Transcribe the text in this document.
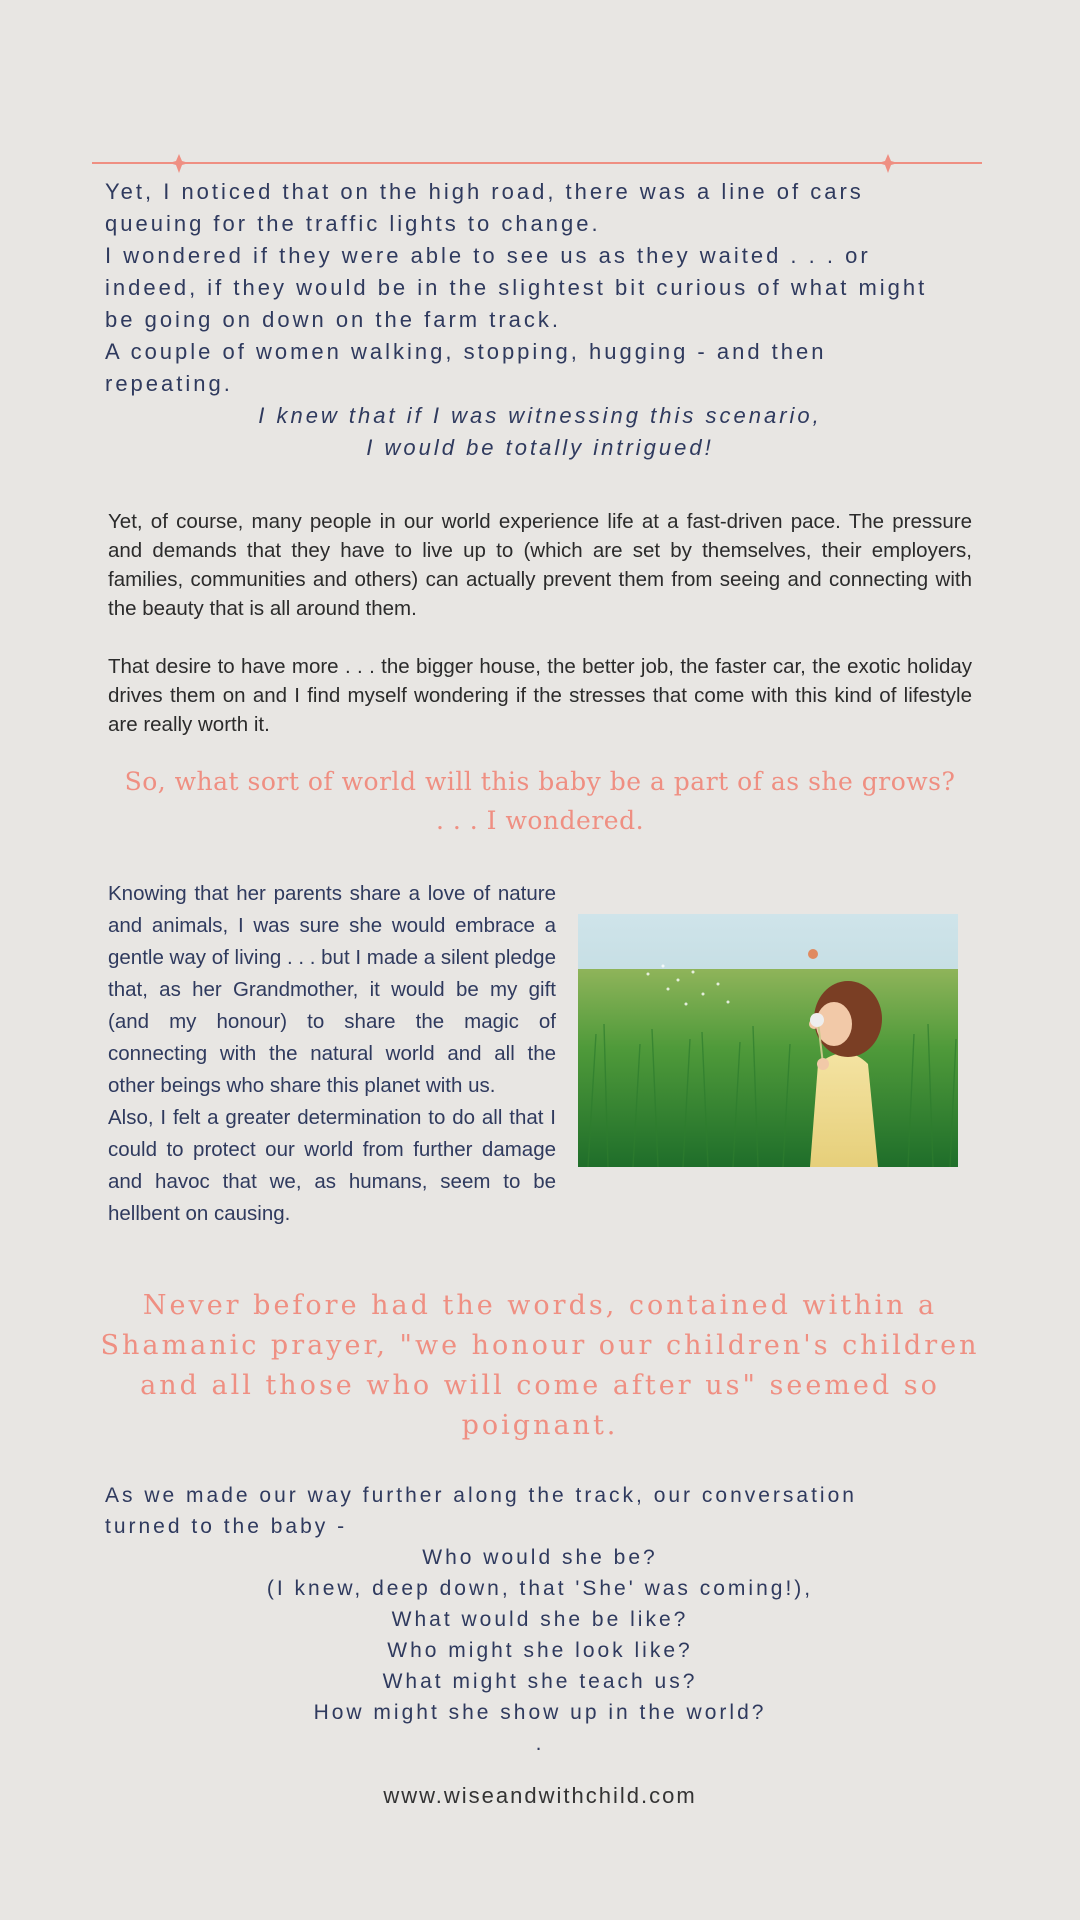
Yet, I noticed that on the high road, there was a line of cars
queuing for the traffic lights to change.
I wondered if they were able to see us as they waited . . . or
indeed, if they would be in the slightest bit curious of what might
be going on down on the farm track.
A couple of women walking, stopping, hugging - and then
repeating.
I knew that if I was witnessing this scenario,
I would be totally intrigued!

Yet, of course, many people in our world experience life at a fast-driven pace. The pressure and demands that they have to live up to (which are set by themselves, their employers, families, communities and others) can actually prevent them from seeing and connecting with the beauty that is all around them.

That desire to have more . . . the bigger house, the better job, the faster car, the exotic holiday drives them on and I find myself wondering if the stresses that come with this kind of lifestyle are really worth it.

So, what sort of world will this baby be a part of as she grows?
. . . I wondered.

Knowing that her parents share a love of nature and animals, I was sure she would embrace a gentle way of living . . . but I made a silent pledge that, as her Grandmother, it would be my gift (and my honour) to share the magic of connecting with the natural world and all the other beings who share this planet with us.

Also, I felt a greater determination to do all that I could to protect our world from further damage and havoc that we, as humans, seem to be hellbent on causing.

Never before had the words, contained within a
Shamanic prayer, "we honour our children's children
and all those who will come after us" seemed so
poignant.
As we made our way further along the track, our conversation
turned to the baby -
Who would she be?
(I knew, deep down, that 'She' was coming!),
What would she be like?
Who might she look like?
What might she teach us?
How might she show up in the world?
.
www.wiseandwithchild.com
